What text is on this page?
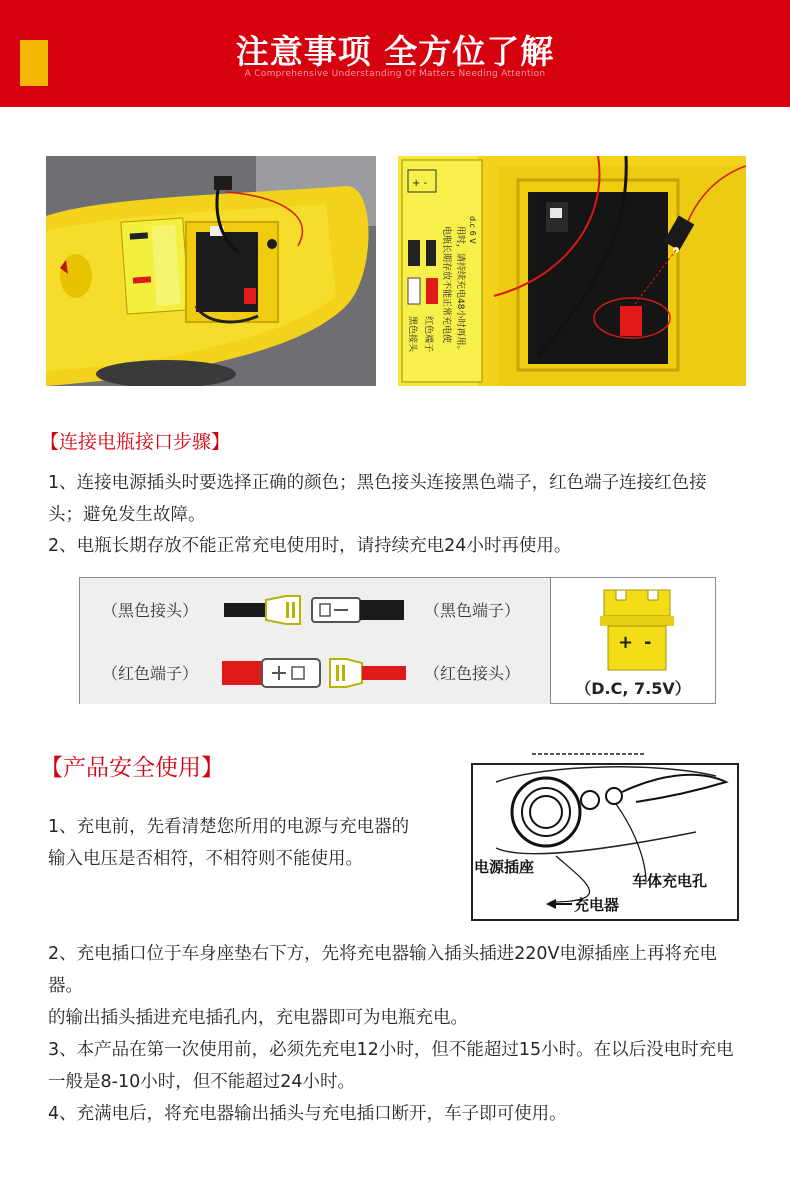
注意事项 全方位了解
A Comprehensive Understanding Of Matters Needing Attention
+ -
d.c 6 V
黑色接头 红色端子 电瓶长期存放不能正常充电使 用时，请持续充电48小时再用。
【连接电瓶接口步骤】
1、连接电源插头时要选择正确的颜色；黑色接头连接黑色端子，红色端子连接红色接头；避免发生故障。
2、电瓶长期存放不能正常充电使用时，请持续充电24小时再使用。
（黑色接头）	（黑色端子）
（红色端子）	（红色接头）
+ -
（D.C, 7.5V）
【产品安全使用】
1、充电前，先看清楚您所用的电源与充电器的输入电压是否相符，不相符则不能使用。	电源插座
车体充电孔
充电器
2、充电插口位于车身座垫右下方，先将充电器输入插头插进220V电源插座上再将充电器。
的输出插头插进充电插孔内，充电器即可为电瓶充电。
3、本产品在第一次使用前，必须先充电12小时，但不能超过15小时。在以后没电时充电一般是8-10小时，但不能超过24小时。
4、充满电后，将充电器输出插头与充电插口断开，车子即可使用。
